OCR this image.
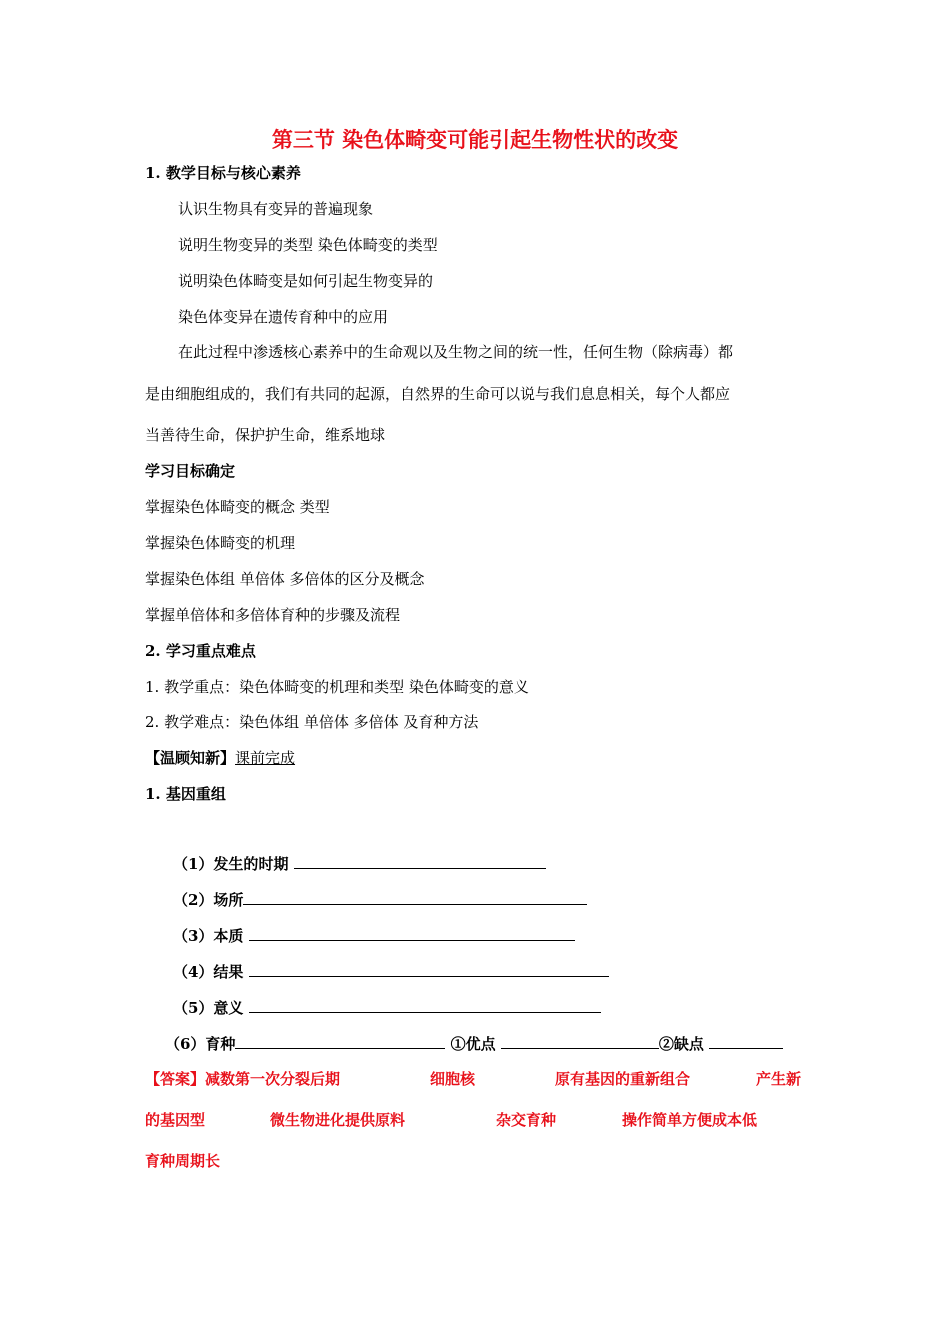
第三节 染色体畸变可能引起生物性状的改变
1. 教学目标与核心素养
认识生物具有变异的普遍现象
说明生物变异的类型 染色体畸变的类型
说明染色体畸变是如何引起生物变异的
染色体变异在遗传育种中的应用
在此过程中渗透核心素养中的生命观以及生物之间的统一性，任何生物（除病毒）都
是由细胞组成的，我们有共同的起源，自然界的生命可以说与我们息息相关，每个人都应
当善待生命，保护护生命，维系地球
学习目标确定
掌握染色体畸变的概念 类型
掌握染色体畸变的机理
掌握染色体组 单倍体 多倍体的区分及概念
掌握单倍体和多倍体育种的步骤及流程
2. 学习重点难点
1. 教学重点：染色体畸变的机理和类型 染色体畸变的意义
2. 教学难点：染色体组 单倍体 多倍体 及育种方法
【温顾知新】课前完成
1. 基因重组
（1）发生的时期
（2）场所
（3）本质
（4）结果
（5）意义
（6）育种	①优点	②缺点
【答案】减数第一次分裂后期	细胞核	原有基因的重新组合	产生新
的基因型	微生物进化提供原料	杂交育种	操作简单方便成本低
育种周期长
